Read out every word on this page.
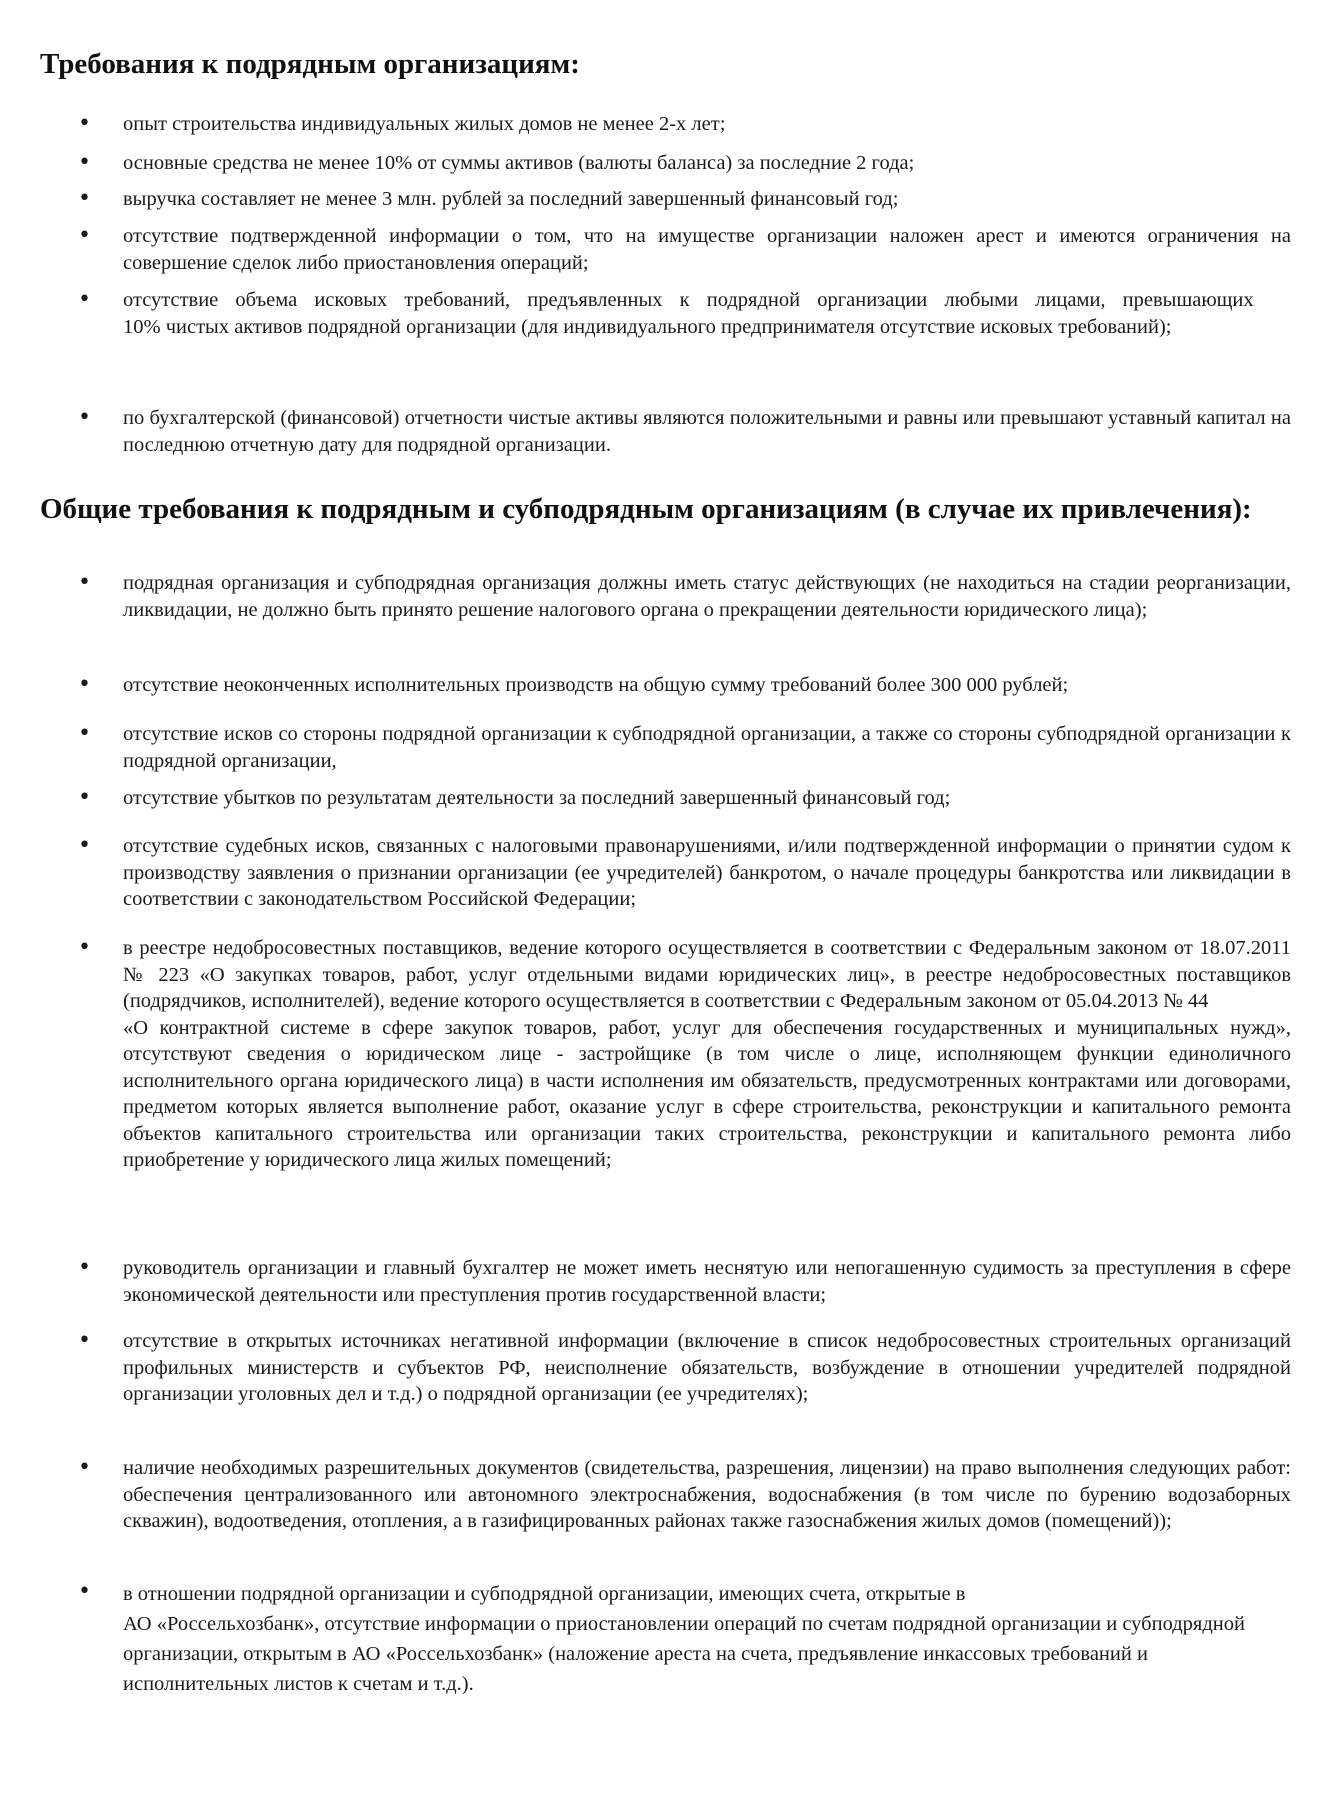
Требования к подрядным организациям:
• опыт строительства индивидуальных жилых домов не менее 2-х лет;

• основные средства не менее 10% от суммы активов (валюты баланса) за последние 2 года;

• выручка составляет не менее 3 млн. рублей за последний завершенный финансовый год;

• отсутствие подтвержденной информации о том, что на имуществе организации наложен арест и имеются ограничения на совершение сделок либо приостановления операций;

• отсутствие объема исковых требований, предъявленных к подрядной организации любыми лицами, превышающих

10% чистых активов подрядной организации (для индивидуального предпринимателя отсутствие исковых требований);

• по бухгалтерской (финансовой) отчетности чистые активы являются положительными и равны или превышают уставный капитал на последнюю отчетную дату для подрядной организации.

Общие требования к подрядным и субподрядным организациям (в случае их привлечения):
• подрядная организация и субподрядная организация должны иметь статус действующих (не находиться на стадии реорганизации, ликвидации, не должно быть принято решение налогового органа о прекращении деятельности юридического лица);

• отсутствие неоконченных исполнительных производств на общую сумму требований более 300 000 рублей;

• отсутствие исков со стороны подрядной организации к субподрядной организации, а также со стороны субподрядной организации к подрядной организации,

• отсутствие убытков по результатам деятельности за последний завершенный финансовый год;

• отсутствие судебных исков, связанных с налоговыми правонарушениями, и/или подтвержденной информации о принятии судом к производству заявления о признании организации (ее учредителей) банкротом, о начале процедуры банкротства или ликвидации в соответствии с законодательством Российской Федерации;

• в реестре недобросовестных поставщиков, ведение которого осуществляется в соответствии с Федеральным законом от 18.07.2011 № 223 «О закупках товаров, работ, услуг отдельными видами юридических лиц», в реестре недобросовестных поставщиков (подрядчиков, исполнителей), ведение которого осуществляется в соответствии с Федеральным законом от 05.04.2013 № 44

«О контрактной системе в сфере закупок товаров, работ, услуг для обеспечения государственных и муниципальных нужд», отсутствуют сведения о юридическом лице - застройщике (в том числе о лице, исполняющем функции единоличного исполнительного органа юридического лица) в части исполнения им обязательств, предусмотренных контрактами или договорами, предметом которых является выполнение работ, оказание услуг в сфере строительства, реконструкции и капитального ремонта объектов капитального строительства или организации таких строительства, реконструкции и капитального ремонта либо приобретение у юридического лица жилых помещений;

• руководитель организации и главный бухгалтер не может иметь неснятую или непогашенную судимость за преступления в сфере экономической деятельности или преступления против государственной власти;

• отсутствие в открытых источниках негативной информации (включение в список недобросовестных строительных организаций профильных министерств и субъектов РФ, неисполнение обязательств, возбуждение в отношении учредителей подрядной организации уголовных дел и т.д.) о подрядной организации (ее учредителях);

• наличие необходимых разрешительных документов (свидетельства, разрешения, лицензии) на право выполнения следующих работ: обеспечения централизованного или автономного электроснабжения, водоснабжения (в том числе по бурению водозаборных скважин), водоотведения, отопления, а в газифицированных районах также газоснабжения жилых домов (помещений));

• в отношении подрядной организации и субподрядной организации, имеющих счета, открытые в

АО «Россельхозбанк», отсутствие информации о приостановлении операций по счетам подрядной организации и субподрядной организации, открытым в АО «Россельхозбанк» (наложение ареста на счета, предъявление инкассовых требований и исполнительных листов к счетам и т.д.).
